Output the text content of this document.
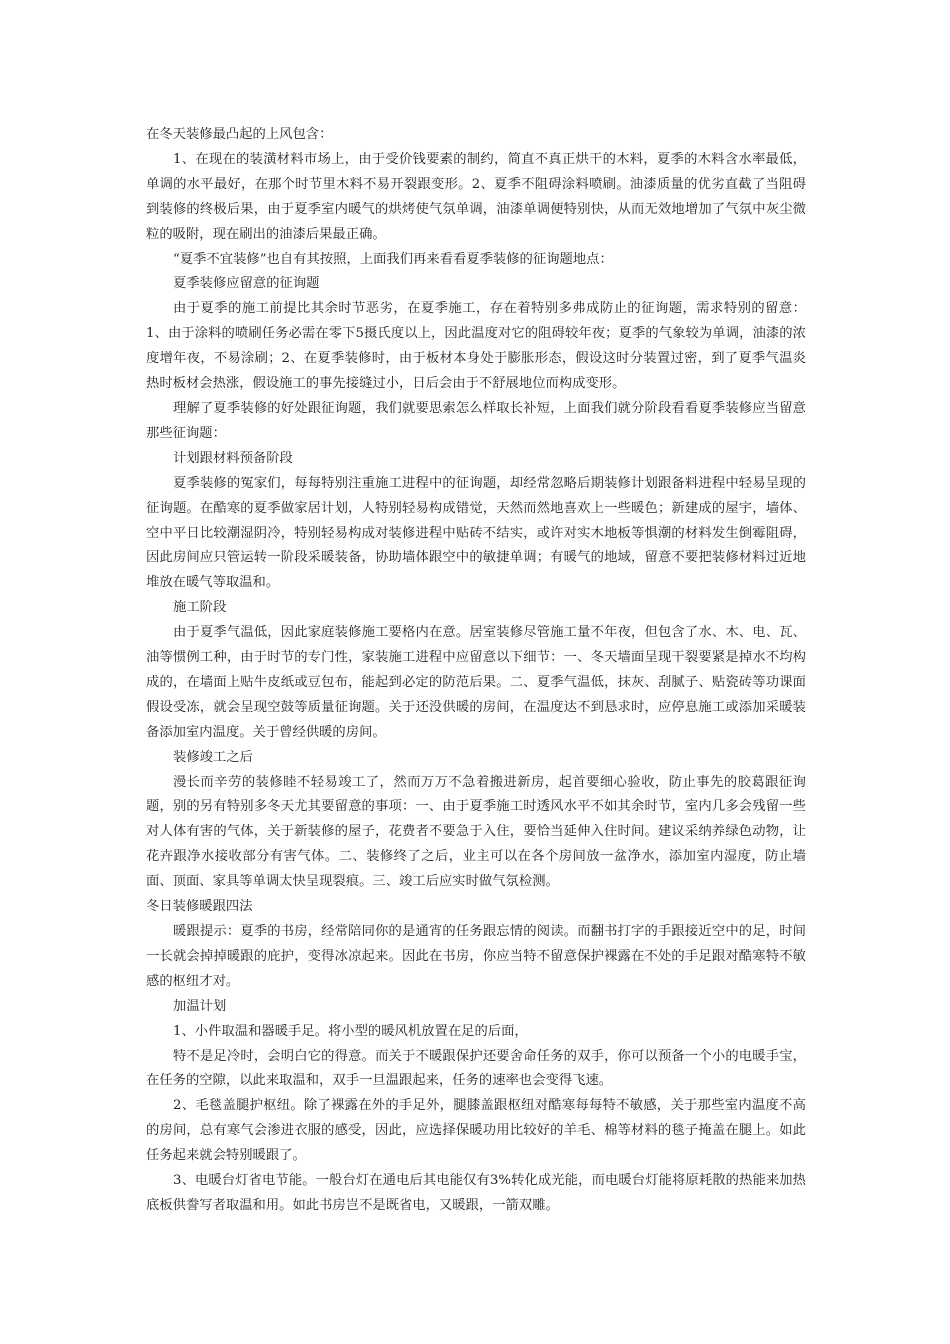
在冬天装修最凸起的上风包含：

1、在现在的装潢材料市场上，由于受价钱要素的制约，简直不真正烘干的木料，夏季的木料含水率最低，单调的水平最好，在那个时节里木料不易开裂跟变形。2、夏季不阻碍涂料喷刷。油漆质量的优劣直截了当阻碍到装修的终极后果，由于夏季室内暖气的烘烤使气氛单调，油漆单调便特别快，从而无效地增加了气氛中灰尘微粒的吸附，现在刷出的油漆后果最正确。

“夏季不宜装修”也自有其按照，上面我们再来看看夏季装修的征询题地点：

夏季装修应留意的征询题

由于夏季的施工前提比其余时节恶劣，在夏季施工，存在着特别多弗成防止的征询题，需求特别的留意：1、由于涂料的喷刷任务必需在零下5摄氏度以上，因此温度对它的阻碍较年夜；夏季的气象较为单调，油漆的浓度增年夜，不易涂刷；2、在夏季装修时，由于板材本身处于膨胀形态，假设这时分装置过密，到了夏季气温炎热时板材会热涨，假设施工的事先接缝过小，日后会由于不舒展地位而构成变形。

理解了夏季装修的好处跟征询题，我们就要思索怎么样取长补短，上面我们就分阶段看看夏季装修应当留意那些征询题：

计划跟材料预备阶段

夏季装修的冤家们，每每特别注重施工进程中的征询题，却经常忽略后期装修计划跟备料进程中轻易呈现的征询题。在酷寒的夏季做家居计划，人特别轻易构成错觉，天然而然地喜欢上一些暖色；新建成的屋宇，墙体、空中平日比较潮湿阴冷，特别轻易构成对装修进程中贴砖不结实，或许对实木地板等惧潮的材料发生倒霉阻碍，因此房间应只管运转一阶段采暖装备，协助墙体跟空中的敏捷单调；有暖气的地域，留意不要把装修材料过近地堆放在暖气等取温和。

施工阶段

由于夏季气温低，因此家庭装修施工要格内在意。居室装修尽管施工量不年夜，但包含了水、木、电、瓦、油等惯例工种，由于时节的专门性，家装施工进程中应留意以下细节：一、冬天墙面呈现干裂要紧是掉水不均构成的，在墙面上贴牛皮纸或豆包布，能起到必定的防范后果。二、夏季气温低，抹灰、刮腻子、贴瓷砖等功课面假设受冻，就会呈现空鼓等质量征询题。关于还没供暖的房间，在温度达不到恳求时，应停息施工或添加采暖装备添加室内温度。关于曾经供暖的房间。

装修竣工之后

漫长而辛劳的装修睦不轻易竣工了，然而万万不急着搬进新房，起首要细心验收，防止事先的胶葛跟征询题，别的另有特别多冬天尤其要留意的事项：一、由于夏季施工时透风水平不如其余时节，室内几多会残留一些对人体有害的气体，关于新装修的屋子，花费者不要急于入住，要恰当延伸入住时间。建议采纳养绿色动物，让花卉跟净水接收部分有害气体。二、装修终了之后，业主可以在各个房间放一盆净水，添加室内湿度，防止墙面、顶面、家具等单调太快呈现裂痕。三、竣工后应实时做气氛检测。

冬日装修暖跟四法

暖跟提示：夏季的书房，经常陪同你的是通宵的任务跟忘情的阅读。而翻书打字的手跟接近空中的足，时间一长就会掉掉暖跟的庇护，变得冰凉起来。因此在书房，你应当特不留意保护裸露在不处的手足跟对酷寒特不敏感的枢纽才对。

加温计划

1、小件取温和器暖手足。将小型的暖风机放置在足的后面，

特不是足冷时，会明白它的得意。而关于不暖跟保护还要舍命任务的双手，你可以预备一个小的电暖手宝，在任务的空隙，以此来取温和，双手一旦温跟起来，任务的速率也会变得飞速。

2、毛毯盖腿护枢纽。除了裸露在外的手足外，腿膝盖跟枢纽对酷寒每每特不敏感，关于那些室内温度不高的房间，总有寒气会渗进衣服的感受，因此，应选择保暖功用比较好的羊毛、棉等材料的毯子掩盖在腿上。如此任务起来就会特别暖跟了。

3、电暖台灯省电节能。一般台灯在通电后其电能仅有3%转化成光能，而电暖台灯能将原耗散的热能来加热底板供誊写者取温和用。如此书房岂不是既省电，又暖跟，一箭双雕。
